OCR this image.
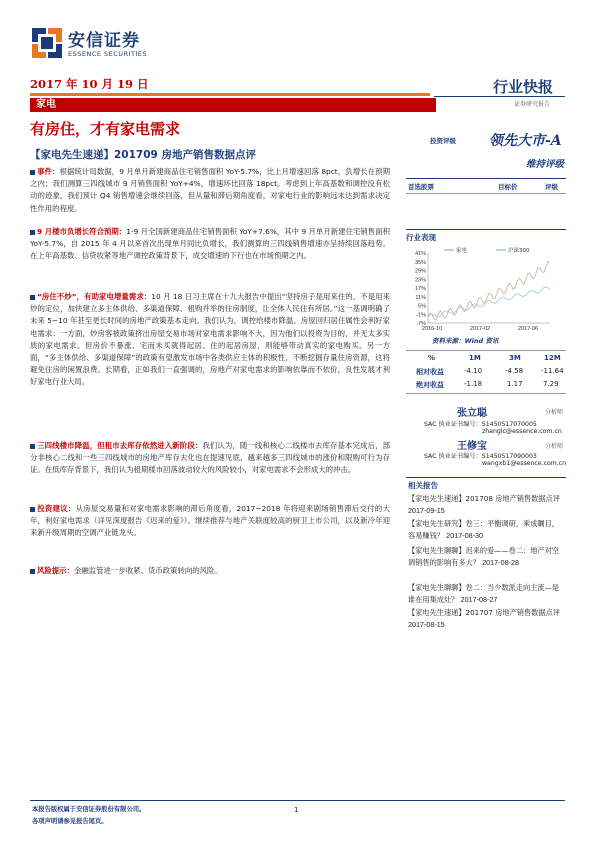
安信证券
ESSENCE SECURITIES
2017 年 10 月 19 日
家电
行业快报
证券研究报告
有房住，才有家电需求
【家电先生速递】201709 房地产销售数据点评
事件：根据统计局数据，9 月单月新建商品住宅销售面积 YoY-5.7%，比上月增速回落 8pct，负增长在预期之内；我们测算三四线城市 9 月销售面积 YoY+4%，增速环比回落 18pct。考虑到上年高基数和调控没有松动的迹象，我们预计 Q4 销售增速会继续回落，但从量和滞后期角度看，对家电行业的影响远未达到需求决定性作用的程度。
9 月楼市负增长符合预期：1-9 月全国新建商品住宅销售面积 YoY+7.6%，其中 9 月单月新建住宅销售面积 YoY-5.7%，自 2015 年 4 月以来首次出现单月同比负增长，我们测算的三四线销售增速亦呈持续回落趋势。在上年高基数、信贷收紧等地产调控政策背景下，成交增速的下行也在市场预期之内。
“房住不炒”，有助家电增量需求：10 月 18 日习主席在十九大报告中提出“坚持房子是用来住的、不是用来炒的定位，加快建立多主体供给、多渠道保障、租购并举的住房制度，让全体人民住有所居。”这一基调明确了未来 5~10 年甚至更长时间的房地产政策基本走向。我们认为，调控给楼市降温、房屋回归居住属性会利好家电需求：一方面，炒房客被政策挤出房屋交易市场对家电需求影响不大，因为他们以投资为目的，并无太多实质的家电需求。但房价不暴涨、宅而未买就得起居、住的起居房屋，则能够带动真实的家电购买。另一方面，“多主体供给、多渠道保障”的政策有望激发市场中各类供应主体的积极性，不断挖掘存量住房资源，这将避免住房的闲置浪费。长期看，正如我们一直强调的，房地产对家电需求的影响依靠而不依价，良性发展才利好家电行业大局。
三四线楼市降温，但租市去库存依然进入新阶段：我们认为，随一线和核心二线楼市去库存基本完成后，部分非核心二线和一些三四线城市的房地产库存去化也在提速见底，越来越多三四线城市的涨价和限购可行为存证。在低库存背景下，我们认为租期楼市回落波动较大的风险较小，对家电需求不会形成大的冲击。
投资建议：从房屋交易量和对家电需求影响的滞后角度看，2017~2018 年将迎来剧场销售滞后交付的大年，利好家电需求（详见深度报告《迟来的爱》）。继续推荐与地产关联度较高的厨卫上市公司，以及新冷年迎来新升级周期的空调产业链龙头。
风险提示：金融监管进一步收紧、货币政策转向的风险。
投资评级 领先大市-A
维持评级
首选股票	目标价	评级
行业表现
41%
35%
29%
23%
17%
11%
5%
-1%
-7%
家电	沪深300
2016-10	2017-02	2017-06
资料来源：Wind 资讯
%	1M	3M	12M
相对收益	-4.10	-4.58	-11.64
绝对收益	-1.18	1.17	7.29
张立聪	分析师
SAC 执业证书编号：S1450517070005
zhanglc@essence.com.cn
王修宝	分析师
SAC 执业证书编号：S1450517090003
wangxb1@essence.com.cn
相关报告
【家电先生速递】201708 房地产销售数据点评 2017-09-15
【家电先生研究】卷三：平衡调研，乘成瞩目，容易赚钱？ 2017-08-30
【家电先生聊聊】迟来的爱——卷二：地产对空调销售的影响有多大？ 2017-08-28
【家电先生聊聊】卷二：当少数派走向主流—是谁在用集成灶？ 2017-08-27
【家电先生速递】201707 房地产销售数据点评 2017-08-15
本报告版权属于安信证券股份有限公司。
各项声明请参见报告尾页。
1
